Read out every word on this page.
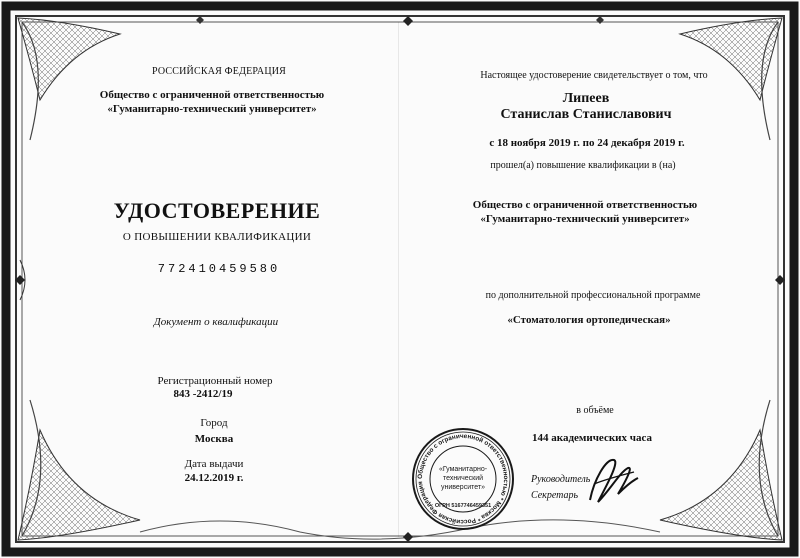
РОССИЙСКАЯ ФЕДЕРАЦИЯ
Общество с ограниченной ответственностью
«Гуманитарно-технический университет»
УДОСТОВЕРЕНИЕ
О ПОВЫШЕНИИ КВАЛИФИКАЦИИ
772410459580
Документ о квалификации
Регистрационный номер
843 -2412/19
Город
Москва
Дата выдачи
24.12.2019 г.
Настоящее удостоверение свидетельствует о том, что
Липеев
Станислав Станиславович
с 18 ноября 2019 г. по 24 декабря 2019 г.
прошел(а) повышение квалификации в (на)
Общество с ограниченной ответственностью
«Гуманитарно-технический университет»
по дополнительной профессиональной программе
«Стоматология ортопедическая»
в объёме
144 академических часа
Руководитель
Секретарь
Общество с ограниченной ответственностью * Москва * Российская Федерация
«Гуманитарно-
технический
университет»
ОГРН 5167746459351
